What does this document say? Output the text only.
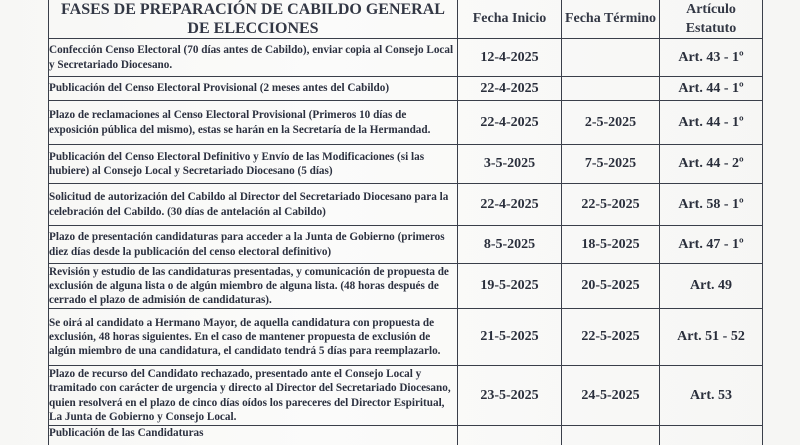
FASES DE PREPARACIÓN DE CABILDO GENERAL DE ELECCIONES	Fecha Inicio	Fecha Término	Artículo Estatuto
Confección Censo Electoral (70 días antes de Cabildo), enviar copia al Consejo Local y Secretariado Diocesano.	12-4-2025		Art. 43 - 1º
Publicación del Censo Electoral Provisional (2 meses antes del Cabildo)	22-4-2025		Art. 44 - 1º
Plazo de reclamaciones al Censo Electoral Provisional (Primeros 10 días de exposición pública del mismo), estas se harán en la Secretaría de la Hermandad.	22-4-2025	2-5-2025	Art. 44 - 1º
Publicación del Censo Electoral Definitivo y Envío de las Modificaciones (si las hubiere) al Consejo Local y Secretariado Diocesano (5 días)	3-5-2025	7-5-2025	Art. 44 - 2º
Solicitud de autorización del Cabildo al Director del Secretariado Diocesano para la celebración del Cabildo. (30 días de antelación al Cabildo)	22-4-2025	22-5-2025	Art. 58 - 1º
Plazo de presentación candidaturas para acceder a la Junta de Gobierno (primeros diez días desde la publicación del censo electoral definitivo)	8-5-2025	18-5-2025	Art. 47 - 1º
Revisión y estudio de las candidaturas presentadas, y comunicación de propuesta de exclusión de alguna lista o de algún miembro de alguna lista. (48 horas después de cerrado el plazo de admisión de candidaturas).	19-5-2025	20-5-2025	Art. 49
Se oirá al candidato a Hermano Mayor, de aquella candidatura con propuesta de exclusión, 48 horas siguientes. En el caso de mantener propuesta de exclusión de algún miembro de una candidatura, el candidato tendrá 5 días para reemplazarlo.	21-5-2025	22-5-2025	Art. 51 - 52
Plazo de recurso del Candidato rechazado, presentado ante el Consejo Local y tramitado con carácter de urgencia y directo al Director del Secretariado Diocesano, quien resolverá en el plazo de cinco días oídos los pareceres del Director Espiritual, La Junta de Gobierno y Consejo Local.	23-5-2025	24-5-2025	Art. 53
Publicación de las Candidaturas			
